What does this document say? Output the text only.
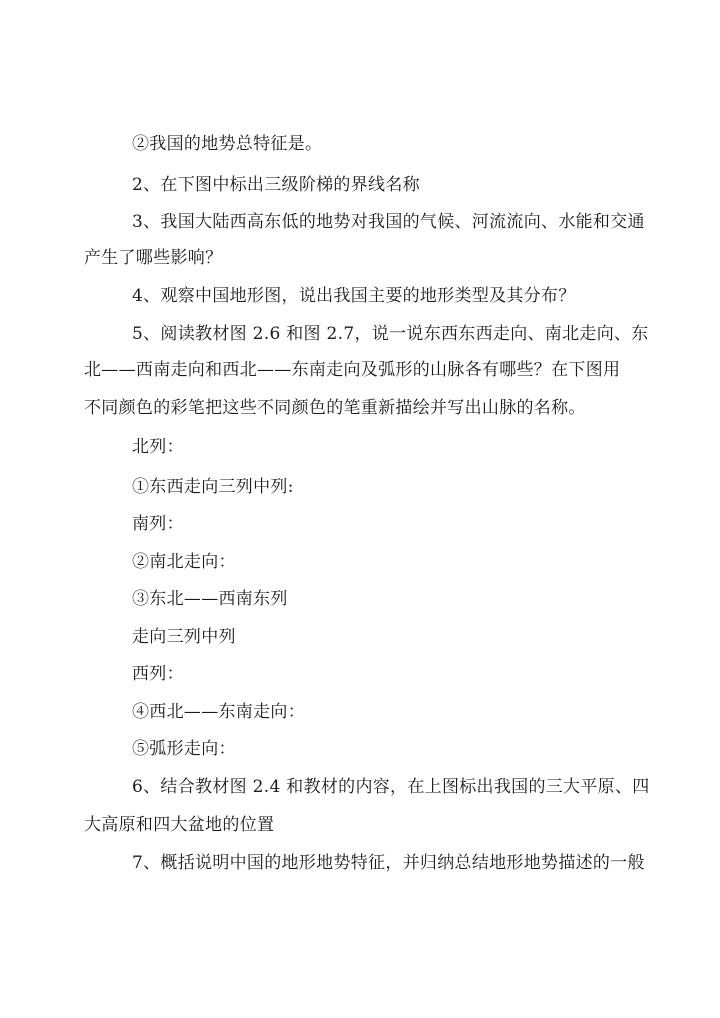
②我国的地势总特征是。
2、在下图中标出三级阶梯的界线名称
3、我国大陆西高东低的地势对我国的气候、河流流向、水能和交通
产生了哪些影响？
4、观察中国地形图，说出我国主要的地形类型及其分布？
5、阅读教材图 2.6 和图 2.7，说一说东西东西走向、南北走向、东
北——西南走向和西北——东南走向及弧形的山脉各有哪些？在下图用
不同颜色的彩笔把这些不同颜色的笔重新描绘并写出山脉的名称。
北列：
①东西走向三列中列:
南列：
②南北走向：
③东北——西南东列
走向三列中列
西列：
④西北——东南走向：
⑤弧形走向：
6、结合教材图 2.4 和教材的内容，在上图标出我国的三大平原、四
大高原和四大盆地的位置
7、概括说明中国的地形地势特征，并归纳总结地形地势描述的一般
